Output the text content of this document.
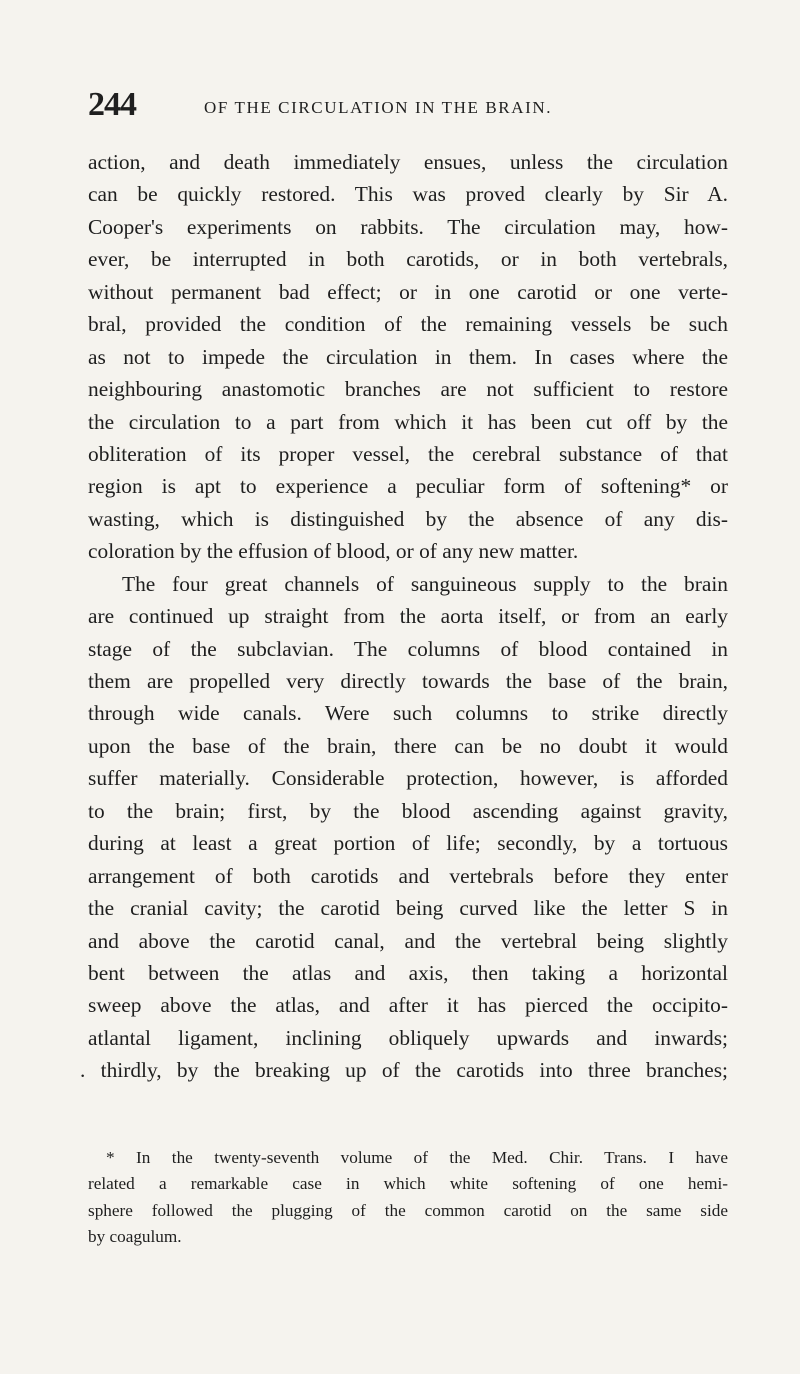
244	OF THE CIRCULATION IN THE BRAIN.
action, and death immediately ensues, unless the circulation
can be quickly restored. This was proved clearly by Sir A.
Cooper's experiments on rabbits. The circulation may, how-
ever, be interrupted in both carotids, or in both vertebrals,
without permanent bad effect; or in one carotid or one verte-
bral, provided the condition of the remaining vessels be such
as not to impede the circulation in them. In cases where the
neighbouring anastomotic branches are not sufficient to restore
the circulation to a part from which it has been cut off by the
obliteration of its proper vessel, the cerebral substance of that
region is apt to experience a peculiar form of softening* or
wasting, which is distinguished by the absence of any dis-
coloration by the effusion of blood, or of any new matter.
The four great channels of sanguineous supply to the brain
are continued up straight from the aorta itself, or from an early
stage of the subclavian. The columns of blood contained in
them are propelled very directly towards the base of the brain,
through wide canals. Were such columns to strike directly
upon the base of the brain, there can be no doubt it would
suffer materially. Considerable protection, however, is afforded
to the brain; first, by the blood ascending against gravity,
during at least a great portion of life; secondly, by a tortuous
arrangement of both carotids and vertebrals before they enter
the cranial cavity; the carotid being curved like the letter S in
and above the carotid canal, and the vertebral being slightly
bent between the atlas and axis, then taking a horizontal
sweep above the atlas, and after it has pierced the occipito-
atlantal ligament, inclining obliquely upwards and inwards;
. thirdly, by the breaking up of the carotids into three branches;
* In the twenty-seventh volume of the Med. Chir. Trans. I have
related a remarkable case in which white softening of one hemi-
sphere followed the plugging of the common carotid on the same side
by coagulum.
